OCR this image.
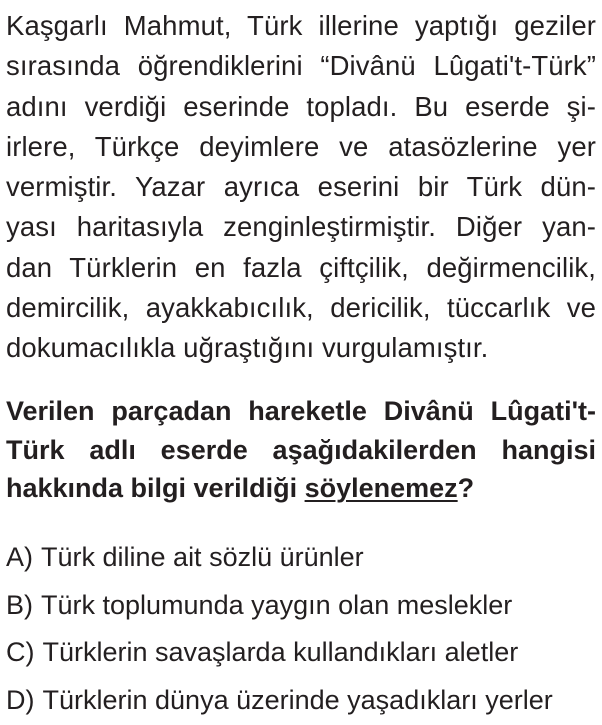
Kaşgarlı Mahmut, Türk illerine yaptığı geziler
sırasında öğrendiklerini “Divânü Lûgati't-Türk”
adını verdiği eserinde topladı. Bu eserde şi-
irlere, Türkçe deyimlere ve atasözlerine yer
vermiştir. Yazar ayrıca eserini bir Türk dün-
yası haritasıyla zenginleştirmiştir. Diğer yan-
dan Türklerin en fazla çiftçilik, değirmencilik,
demircilik, ayakkabıcılık, dericilik, tüccarlık ve
dokumacılıkla uğraştığını vurgulamıştır.
Verilen parçadan hareketle Divânü Lûgati't-
Türk adlı eserde aşağıdakilerden hangisi
hakkında bilgi verildiği söylenemez?
A) Türk diline ait sözlü ürünler
B) Türk toplumunda yaygın olan meslekler
C) Türklerin savaşlarda kullandıkları aletler
D) Türklerin dünya üzerinde yaşadıkları yerler
